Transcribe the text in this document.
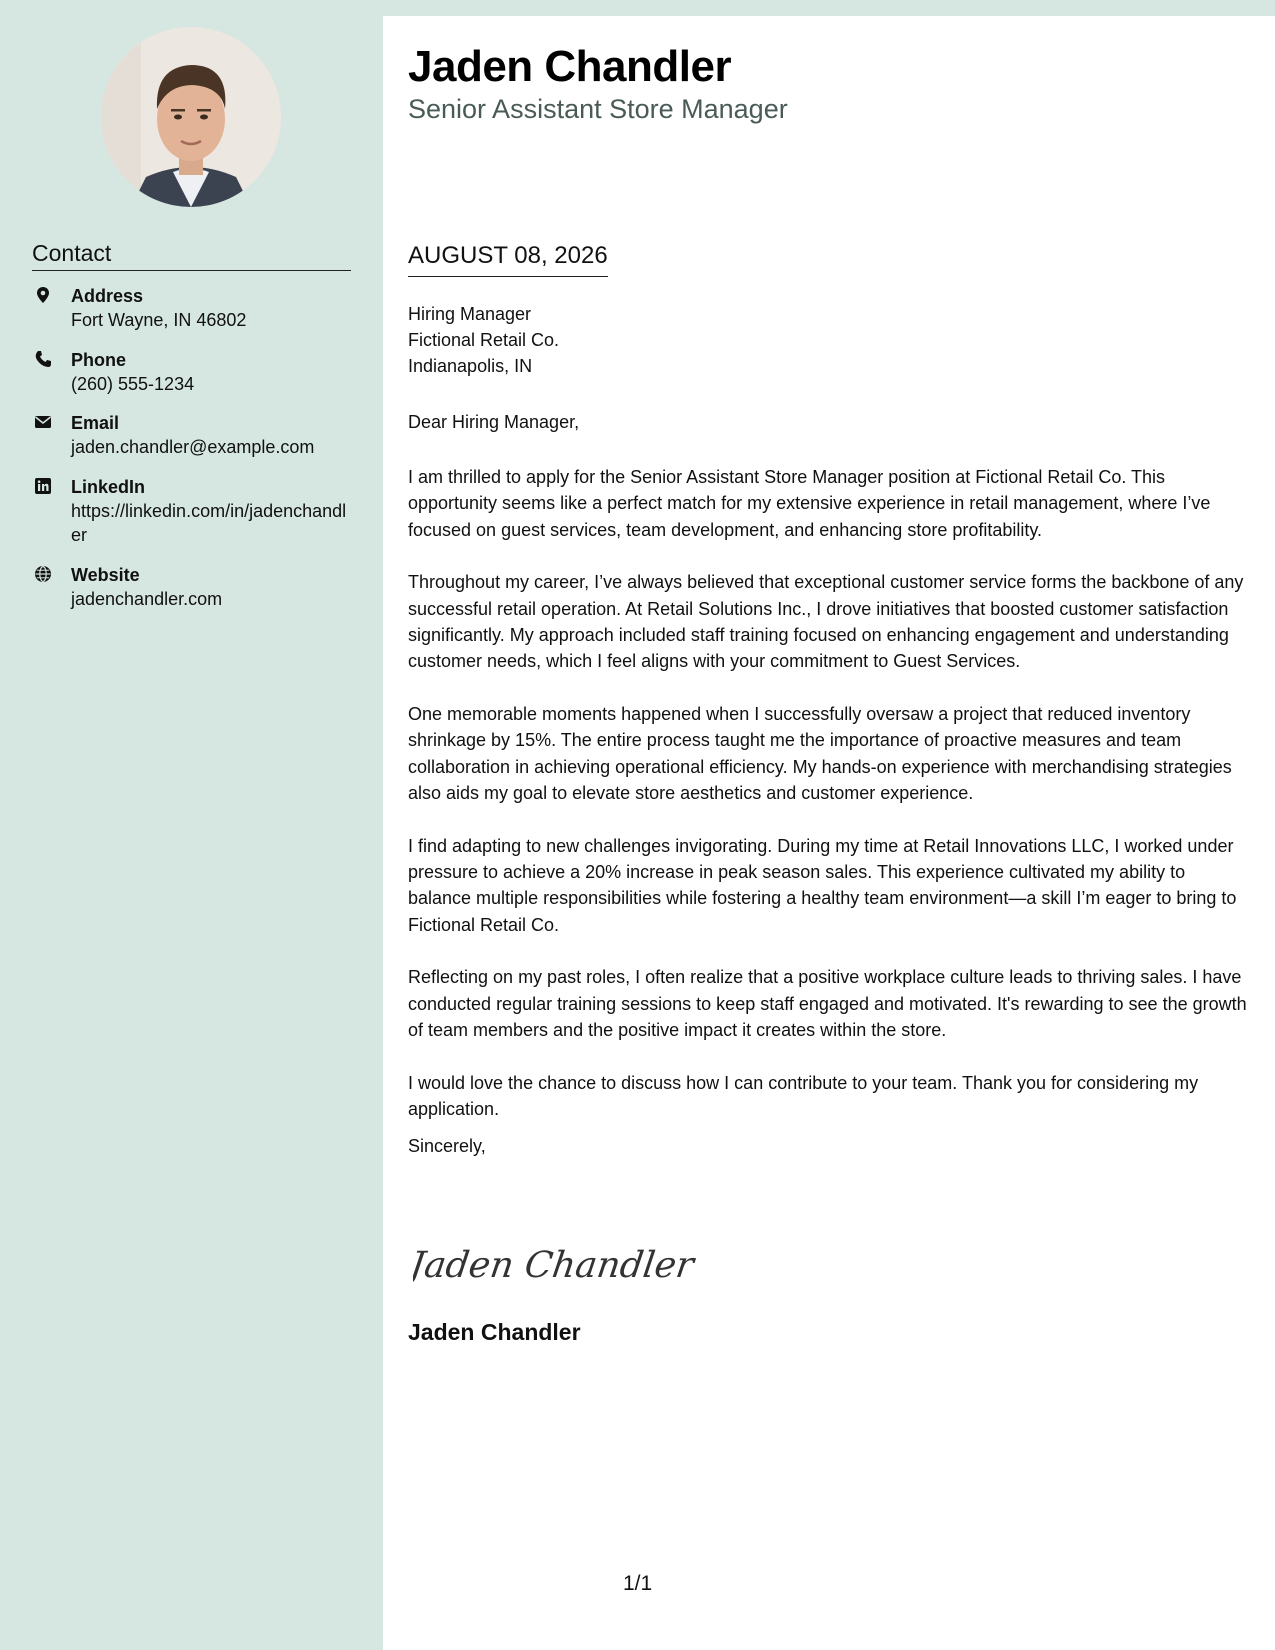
Contact
Address
Fort Wayne, IN 46802
Phone
(260) 555-1234
Email
jaden.chandler@example.com
LinkedIn
https://linkedin.com/in/jadenchandler
Website
jadenchandler.com
Jaden Chandler
Senior Assistant Store Manager
AUGUST 08, 2026
Hiring Manager
Fictional Retail Co.
Indianapolis, IN
Dear Hiring Manager,

I am thrilled to apply for the Senior Assistant Store Manager position at Fictional Retail Co. This opportunity seems like a perfect match for my extensive experience in retail management, where I’ve focused on guest services, team development, and enhancing store profitability.

Throughout my career, I’ve always believed that exceptional customer service forms the backbone of any successful retail operation. At Retail Solutions Inc., I drove initiatives that boosted customer satisfaction significantly. My approach included staff training focused on enhancing engagement and understanding customer needs, which I feel aligns with your commitment to Guest Services.

One memorable moments happened when I successfully oversaw a project that reduced inventory shrinkage by 15%. The entire process taught me the importance of proactive measures and team collaboration in achieving operational efficiency. My hands-on experience with merchandising strategies also aids my goal to elevate store aesthetics and customer experience.

I find adapting to new challenges invigorating. During my time at Retail Innovations LLC, I worked under pressure to achieve a 20% increase in peak season sales. This experience cultivated my ability to balance multiple responsibilities while fostering a healthy team environment—a skill I’m eager to bring to Fictional Retail Co.

Reflecting on my past roles, I often realize that a positive workplace culture leads to thriving sales. I have conducted regular training sessions to keep staff engaged and motivated. It's rewarding to see the growth of team members and the positive impact it creates within the store.

I would love the chance to discuss how I can contribute to your team. Thank you for considering my application.

Sincerely,
Jaden Chandler
Jaden Chandler
1/1
